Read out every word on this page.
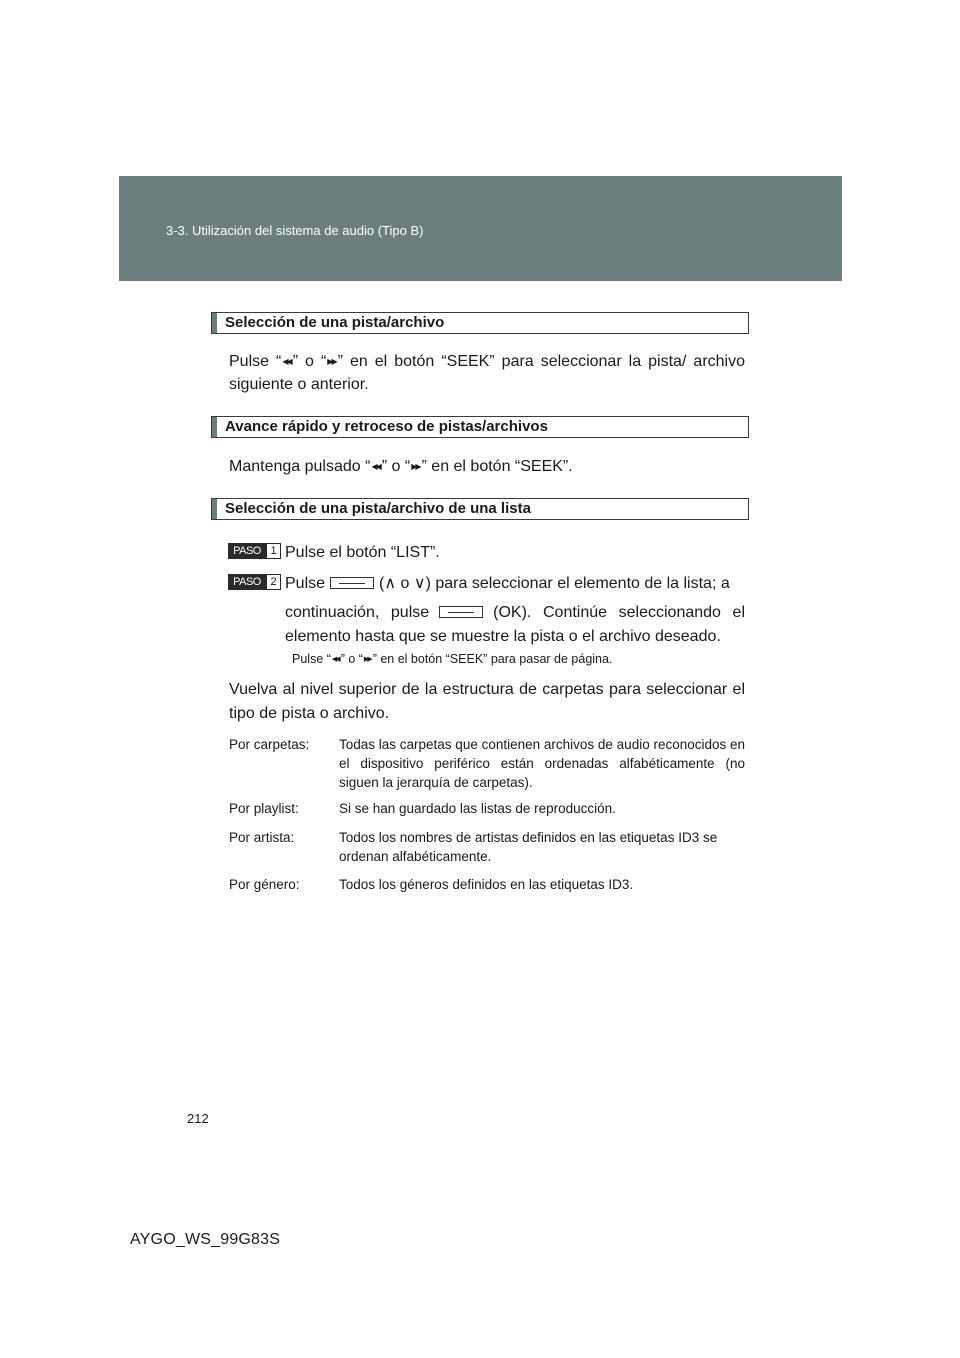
3-3. Utilización del sistema de audio (Tipo B)
Selección de una pista/archivo
Pulse “◀◀ ” o “▶▶ ” en el botón “SEEK” para seleccionar la pista/ archivo siguiente o anterior.
Avance rápido y retroceso de pistas/archivos
Mantenga pulsado “◀◀ ” o “▶▶ ” en el botón “SEEK”.
Selección de una pista/archivo de una lista
PASO 1 Pulse el botón “LIST”.
PASO 2 Pulse	(∧ o ∨) para seleccionar el elemento de la lista; a
continuación, pulse	(OK). Continúe seleccionando el elemento hasta que se muestre la pista o el archivo deseado.
Pulse “◀◀ ” o “▶▶ ” en el botón “SEEK” para pasar de página.
Vuelva al nivel superior de la estructura de carpetas para seleccionar el tipo de pista o archivo.
Por carpetas: Todas las carpetas que contienen archivos de audio reconocidos en el dispositivo periférico están ordenadas alfabéticamente (no siguen la jerarquía de carpetas).
Por playlist:	Si se han guardado las listas de reproducción.
Por artista:	Todos los nombres de artistas definidos en las etiquetas ID3 se ordenan alfabéticamente.
Por género:	Todos los géneros definidos en las etiquetas ID3.
212
AYGO_WS_99G83S
